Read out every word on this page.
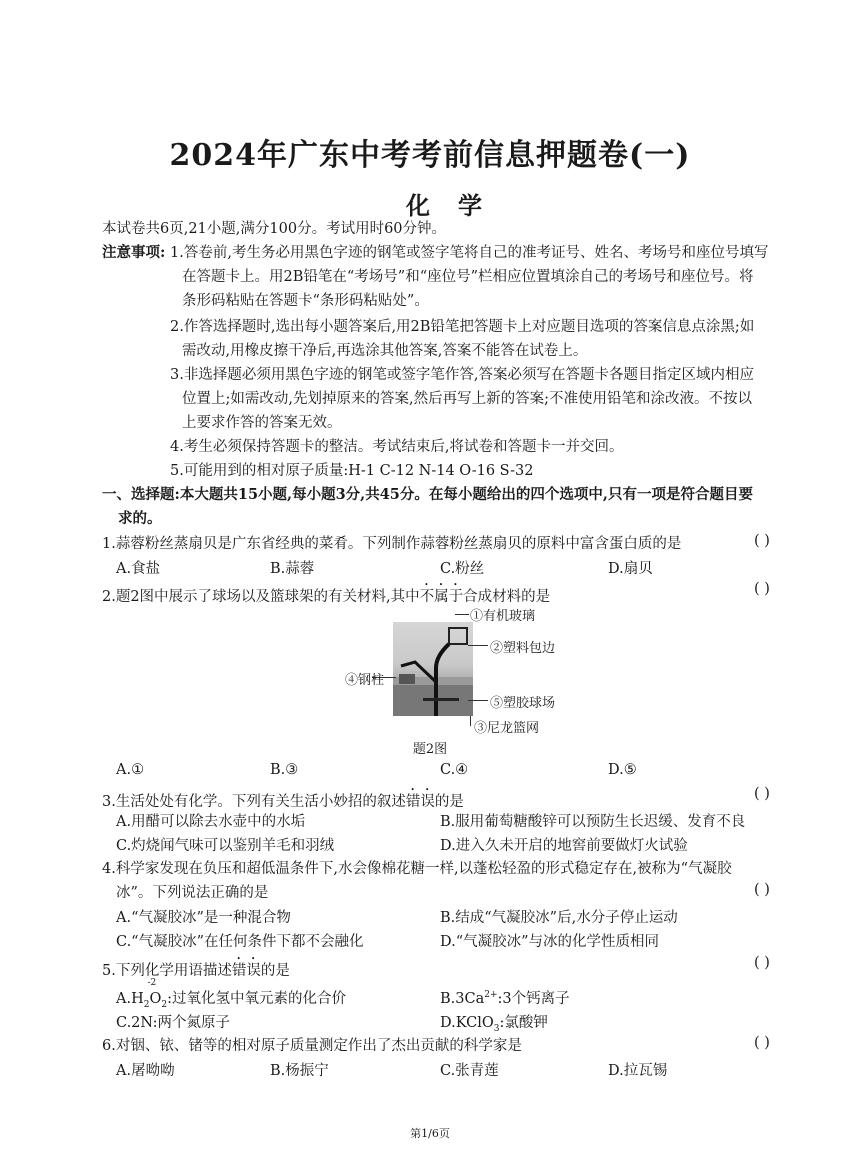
2024年广东中考考前信息押题卷(一)
化学
本试卷共6页,21小题,满分100分。考试用时60分钟。
注意事项: 1.答卷前,考生务必用黑色字迹的钢笔或签字笔将自己的准考证号、姓名、考场号和座位号填写
在答题卡上。用2B铅笔在“考场号”和“座位号”栏相应位置填涂自己的考场号和座位号。将
条形码粘贴在答题卡“条形码粘贴处”。
2.作答选择题时,选出每小题答案后,用2B铅笔把答题卡上对应题目选项的答案信息点涂黑;如
需改动,用橡皮擦干净后,再选涂其他答案,答案不能答在试卷上。
3.非选择题必须用黑色字迹的钢笔或签字笔作答,答案必须写在答题卡各题目指定区域内相应
位置上;如需改动,先划掉原来的答案,然后再写上新的答案;不准使用铅笔和涂改液。不按以
上要求作答的答案无效。
4.考生必须保持答题卡的整洁。考试结束后,将试卷和答题卡一并交回。
5.可能用到的相对原子质量:H-1 C-12 N-14 O-16 S-32
一、选择题:本大题共15小题,每小题3分,共45分。在每小题给出的四个选项中,只有一项是符合题目要
求的。
1.蒜蓉粉丝蒸扇贝是广东省经典的菜肴。下列制作蒜蓉粉丝蒸扇贝的原料中富含蛋白质的是	( )
A.食盐	B.蒜蓉	C.粉丝	D.扇贝
2.题2图中展示了球场以及篮球架的有关材料,其中不属于合成材料的是	( )
①有机玻璃
②塑料包边
④钢柱
⑤塑胶球场
③尼龙篮网
题2图
A.①	B.③	C.④	D.⑤
3.生活处处有化学。下列有关生活小妙招的叙述错误的是	( )
A.用醋可以除去水壶中的水垢	B.服用葡萄糖酸锌可以预防生长迟缓、发育不良
C.灼烧闻气味可以鉴别羊毛和羽绒	D.进入久未开启的地窖前要做灯火试验
4.科学家发现在负压和超低温条件下,水会像棉花糖一样,以蓬松轻盈的形式稳定存在,被称为“气凝胶
冰”。下列说法正确的是	( )
A.“气凝胶冰”是一种混合物	B.结成“气凝胶冰”后,水分子停止运动
C.“气凝胶冰”在任何条件下都不会融化	D.“气凝胶冰”与冰的化学性质相同
5.下列化学用语描述错误的是	( )
$A.H_2O$
-2
$_2$:过氧化氢中氧元素的化合价	$B.3Ca^{2+}:3$个钙离子
C.2N:两个氮原子	D.KClO$_3$:氯酸钾
6.对铟、铱、锗等的相对原子质量测定作出了杰出贡献的科学家是	( )
A.屠呦呦	B.杨振宁	C.张青莲	D.拉瓦锡
第1/6页
